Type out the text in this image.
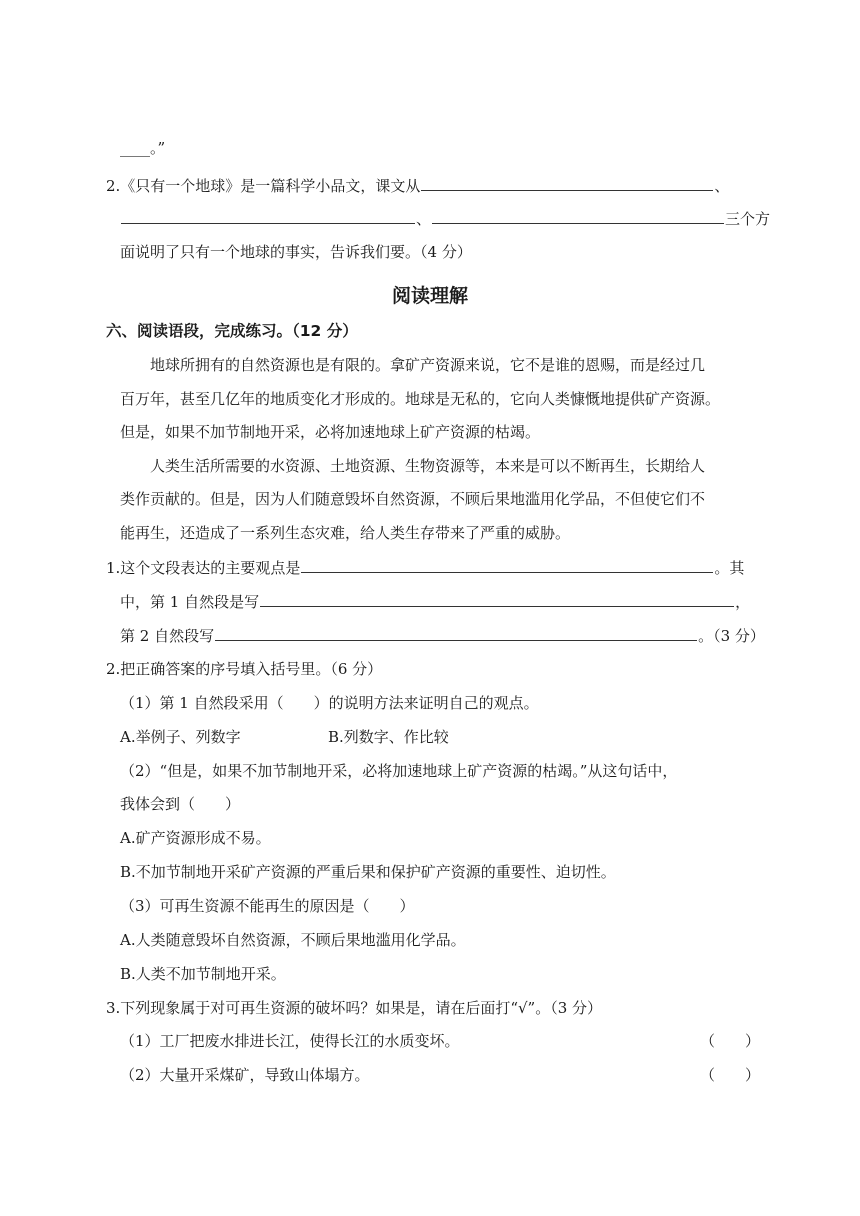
____。”
2.《只有一个地球》是一篇科学小品文，课文从	、
、	三个方
面说明了只有一个地球的事实，告诉我们要。（4 分）
阅读理解
六、阅读语段，完成练习。（12 分）
地球所拥有的自然资源也是有限的。拿矿产资源来说，它不是谁的恩赐，而是经过几
百万年，甚至几亿年的地质变化才形成的。地球是无私的，它向人类慷慨地提供矿产资源。
但是，如果不加节制地开采，必将加速地球上矿产资源的枯竭。
人类生活所需要的水资源、土地资源、生物资源等，本来是可以不断再生，长期给人
类作贡献的。但是，因为人们随意毁坏自然资源，不顾后果地滥用化学品，不但使它们不
能再生，还造成了一系列生态灾难，给人类生存带来了严重的威胁。
1.这个文段表达的主要观点是	。其
中，第 1 自然段是写	，
第 2 自然段写	。（3 分）
2.把正确答案的序号填入括号里。（6 分）
（1）第 1 自然段采用（　　）的说明方法来证明自己的观点。
A.举例子、列数字	B.列数字、作比较
（2）“但是，如果不加节制地开采，必将加速地球上矿产资源的枯竭。”从这句话中，
我体会到（　　）
A.矿产资源形成不易。
B.不加节制地开采矿产资源的严重后果和保护矿产资源的重要性、迫切性。
（3）可再生资源不能再生的原因是（　　）
A.人类随意毁坏自然资源，不顾后果地滥用化学品。
B.人类不加节制地开采。
3.下列现象属于对可再生资源的破坏吗？如果是，请在后面打“√”。（3 分）
（1）工厂把废水排进长江，使得长江的水质变坏。	（　　）
（2）大量开采煤矿，导致山体塌方。	（　　）
